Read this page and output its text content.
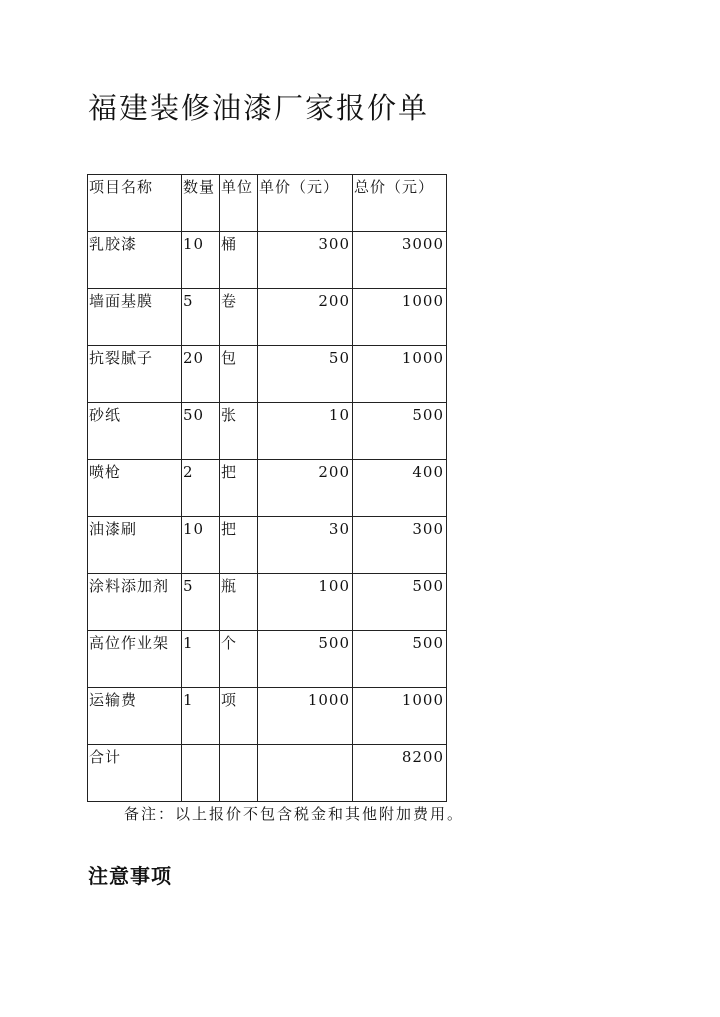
福建装修油漆厂家报价单
项目名称	数量	单位	单价（元）	总价（元）
乳胶漆	10	桶	300	3000
墙面基膜	5	卷	200	1000
抗裂腻子	20	包	50	1000
砂纸	50	张	10	500
喷枪	2	把	200	400
油漆刷	10	把	30	300
涂料添加剂	5	瓶	100	500
高位作业架	1	个	500	500
运输费	1	项	1000	1000
合计				8200
备注：以上报价不包含税金和其他附加费用。
注意事项
